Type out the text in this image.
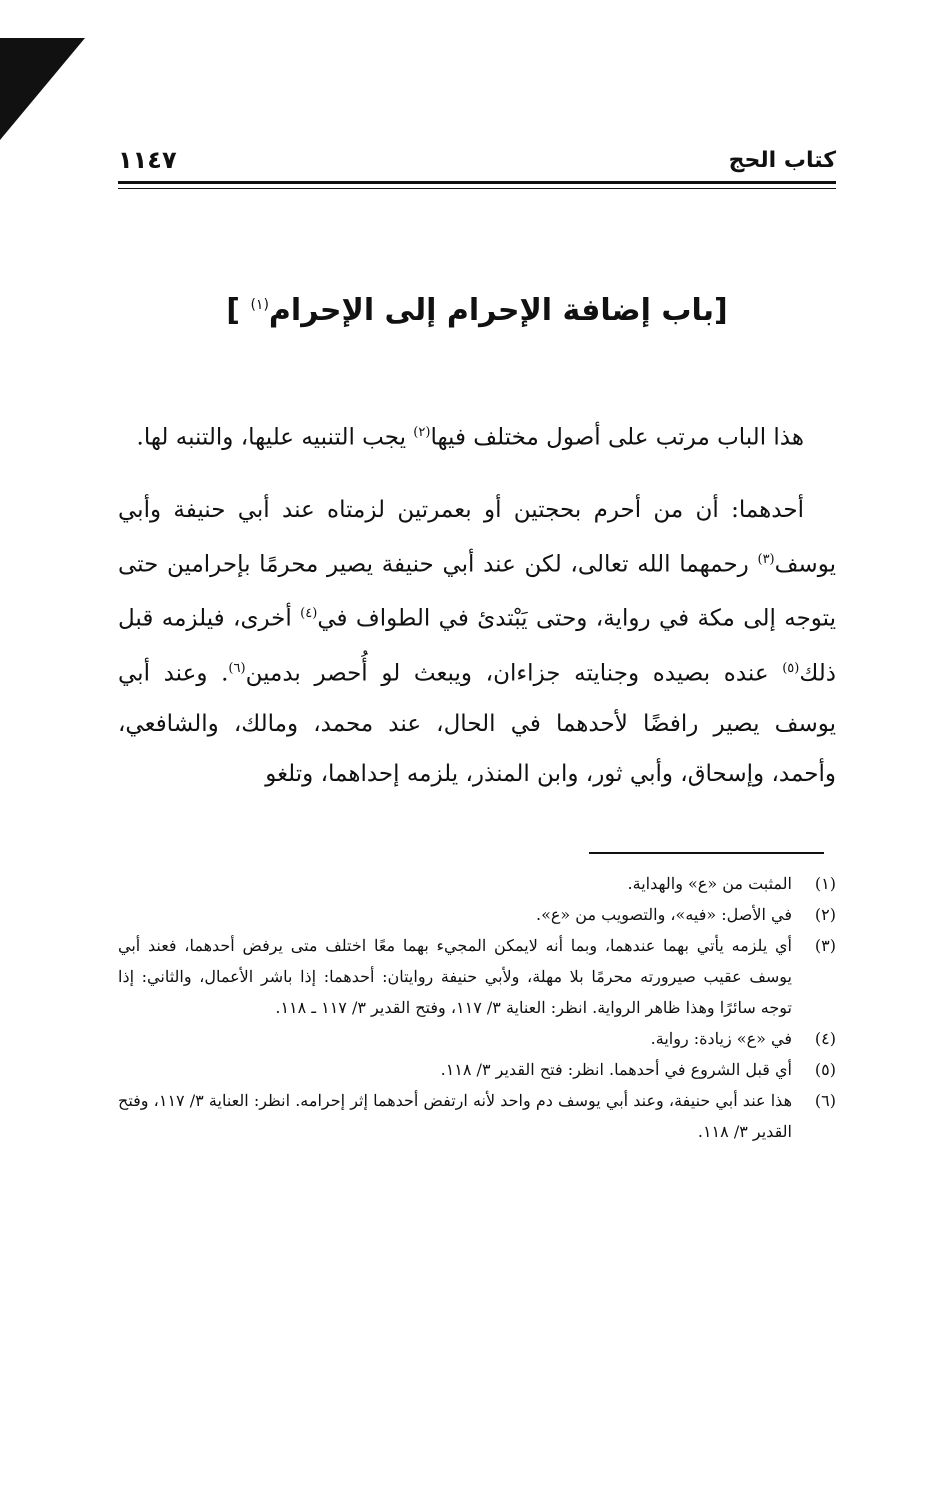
كتاب الحج
١١٤٧
[باب إضافة الإحرام إلى الإحرام$^{(١)}$ ]

هذا الباب مرتب على أصول مختلف فيها$^{(٢)}$ يجب التنبيه عليها، والتنبه لها.

أحدهما: أن من أحرم بحجتين أو بعمرتين لزمتاه عند أبي حنيفة وأبي يوسف$^{(٣)}$ رحمهما الله تعالى، لكن عند أبي حنيفة يصير محرمًا بإحرامين حتى يتوجه إلى مكة في رواية، وحتى يَبْتدئ في الطواف في$^{(٤)}$ أخرى، فيلزمه قبل ذلك$^{(٥)}$ عنده بصيده وجنايته جزاءان، ويبعث لو أُحصر بدمين$^{(٦)}$. وعند أبي يوسف يصير رافضًا لأحدهما في الحال، عند محمد، ومالك، والشافعي، وأحمد، وإسحاق، وأبي ثور، وابن المنذر، يلزمه إحداهما، وتلغو

(١)
المثبت من «ع» والهداية.
(٢)
في الأصل: «فيه»، والتصويب من «ع».
(٣)
أي يلزمه يأتي بهما عندهما، وبما أنه لايمكن المجيء بهما معًا اختلف متى يرفض أحدهما، فعند أبي يوسف عقيب صيرورته محرمًا بلا مهلة، ولأبي حنيفة روايتان: أحدهما: إذا باشر الأعمال، والثاني: إذا توجه سائرًا وهذا ظاهر الرواية. انظر: العناية ٣/ ١١٧، وفتح القدير ٣/ ١١٧ ـ ١١٨.
(٤)
في «ع» زيادة: رواية.
(٥)
أي قبل الشروع في أحدهما. انظر: فتح القدير ٣/ ١١٨.
(٦)
هذا عند أبي حنيفة، وعند أبي يوسف دم واحد لأنه ارتفض أحدهما إثر إحرامه. انظر: العناية ٣/ ١١٧، وفتح القدير ٣/ ١١٨.
